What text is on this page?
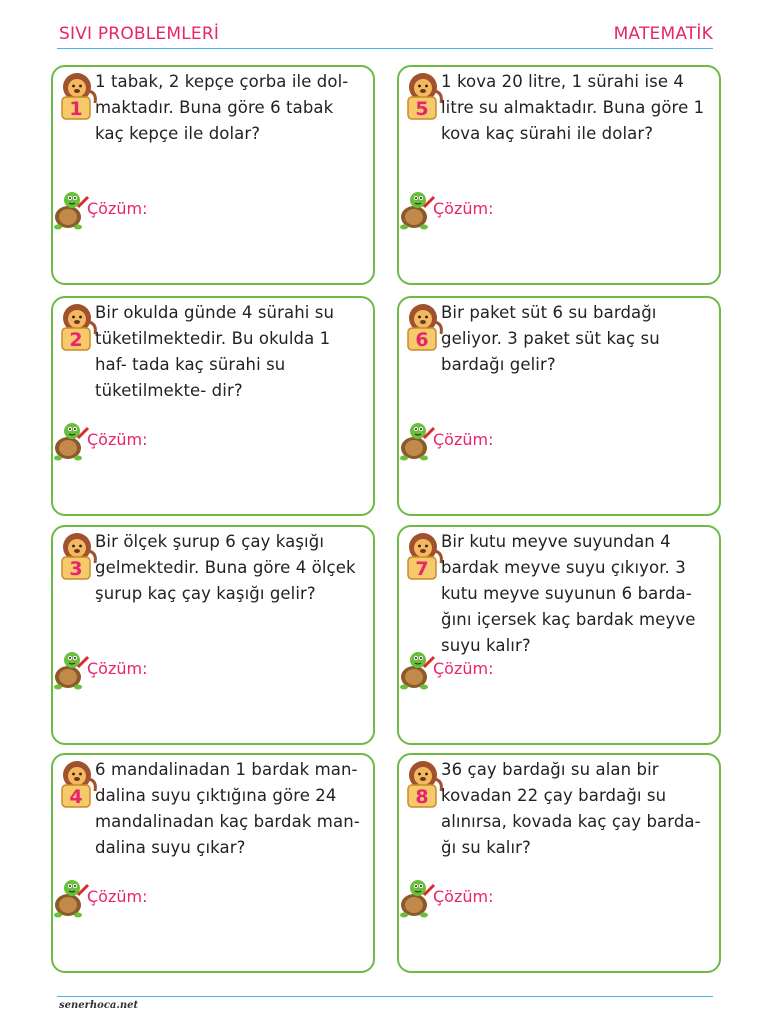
SIVI PROBLEMLERİ	MATEMATİK
1
1 tabak, 2 kepçe çorba ile dol- maktadır. Buna göre 6 tabak kaç kepçe ile dolar?
Çözüm:
2
Bir okulda günde 4 sürahi su tüketilmektedir. Bu okulda 1 haf- tada kaç sürahi su tüketilmekte- dir?
Çözüm:
3
Bir ölçek şurup 6 çay kaşığı gelmektedir. Buna göre 4 ölçek şurup kaç çay kaşığı gelir?
Çözüm:
4
6 mandalinadan 1 bardak man- dalina suyu çıktığına göre 24 mandalinadan kaç bardak man- dalina suyu çıkar?
Çözüm:
5
1 kova 20 litre, 1 sürahi ise 4 litre su almaktadır. Buna göre 1 kova kaç sürahi ile dolar?
Çözüm:
6
Bir paket süt 6 su bardağı geliyor. 3 paket süt kaç su bardağı gelir?
Çözüm:
7
Bir kutu meyve suyundan 4 bardak meyve suyu çıkıyor. 3 kutu meyve suyunun 6 barda- ğını içersek kaç bardak meyve suyu kalır?
Çözüm:
8
36 çay bardağı su alan bir kovadan 22 çay bardağı su alınırsa, kovada kaç çay barda- ğı su kalır?
Çözüm:
senerhoca.net
